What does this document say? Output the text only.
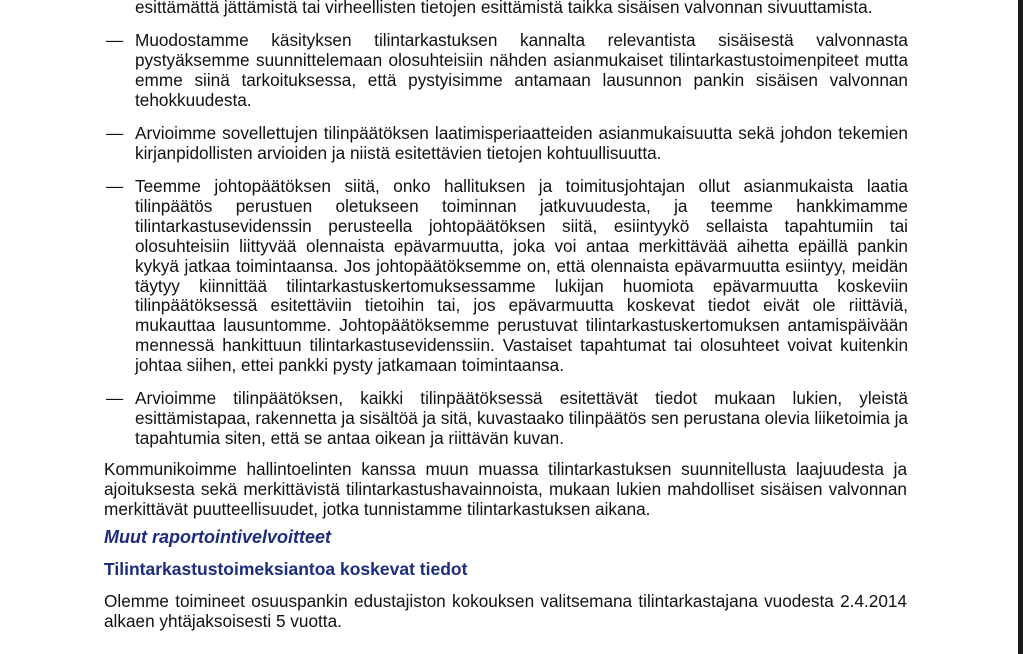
esittämättä jättämistä tai virheellisten tietojen esittämistä taikka sisäisen valvonnan sivuuttamista.
— Muodostamme käsityksen tilintarkastuksen kannalta relevantista sisäisestä valvonnasta pystyäksemme suunnittelemaan olosuhteisiin nähden asianmukaiset tilintarkastustoimenpiteet mutta emme siinä tarkoituksessa, että pystyisimme antamaan lausunnon pankin sisäisen valvonnan tehokkuudesta.
— Arvioimme sovellettujen tilinpäätöksen laatimisperiaatteiden asianmukaisuutta sekä johdon tekemien kirjanpidollisten arvioiden ja niistä esitettävien tietojen kohtuullisuutta.
— Teemme johtopäätöksen siitä, onko hallituksen ja toimitusjohtajan ollut asianmukaista laatia tilinpäätös perustuen oletukseen toiminnan jatkuvuudesta, ja teemme hankkimamme tilintarkastusevidenssin perusteella johtopäätöksen siitä, esiintyykö sellaista tapahtumiin tai olosuhteisiin liittyvää olennaista epävarmuutta, joka voi antaa merkittävää aihetta epäillä pankin kykyä jatkaa toimintaansa. Jos johtopäätöksemme on, että olennaista epävarmuutta esiintyy, meidän täytyy kiinnittää tilintarkastuskertomuksessamme lukijan huomiota epävarmuutta koskeviin tilinpäätöksessä esitettäviin tietoihin tai, jos epävarmuutta koskevat tiedot eivät ole riittäviä, mukauttaa lausuntomme. Johtopäätöksemme perustuvat tilintarkastuskertomuksen antamispäivään mennessä hankittuun tilintarkastusevidenssiin. Vastaiset tapahtumat tai olosuhteet voivat kuitenkin johtaa siihen, ettei pankki pysty jatkamaan toimintaansa.
— Arvioimme tilinpäätöksen, kaikki tilinpäätöksessä esitettävät tiedot mukaan lukien, yleistä esittämistapaa, rakennetta ja sisältöä ja sitä, kuvastaako tilinpäätös sen perustana olevia liiketoimia ja tapahtumia siten, että se antaa oikean ja riittävän kuvan.
Kommunikoimme hallintoelinten kanssa muun muassa tilintarkastuksen suunnitellusta laajuudesta ja ajoituksesta sekä merkittävistä tilintarkastushavainnoista, mukaan lukien mahdolliset sisäisen valvonnan merkittävät puutteellisuudet, jotka tunnistamme tilintarkastuksen aikana.
Muut raportointivelvoitteet
Tilintarkastustoimeksiantoa koskevat tiedot
Olemme toimineet osuuspankin edustajiston kokouksen valitsemana tilintarkastajana vuodesta 2.4.2014 alkaen yhtäjaksoisesti 5 vuotta.
